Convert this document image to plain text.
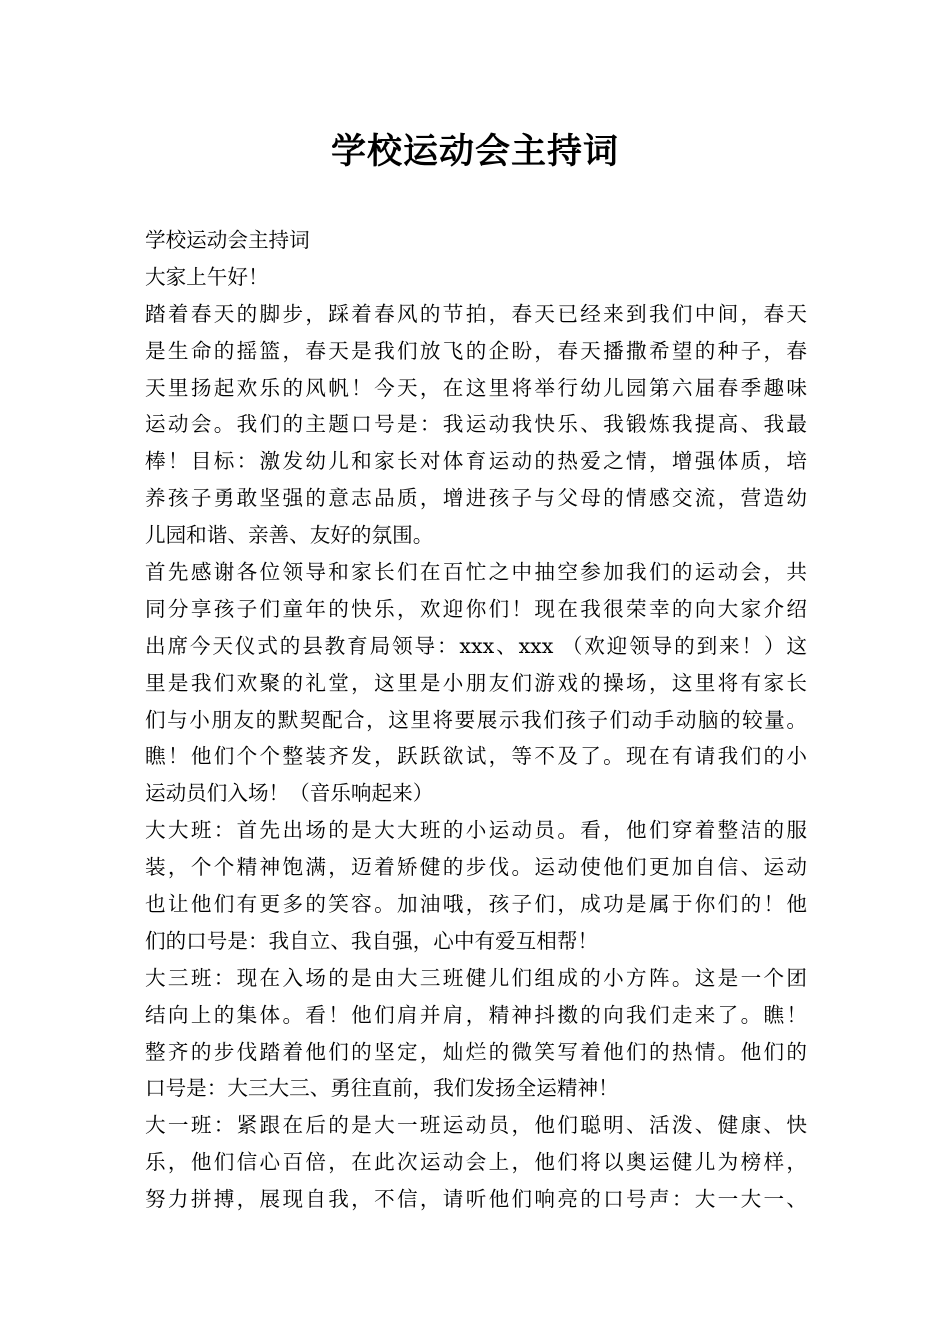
学校运动会主持词
学校运动会主持词
大家上午好！
踏着春天的脚步，踩着春风的节拍，春天已经来到我们中间，春天
是生命的摇篮，春天是我们放飞的企盼，春天播撒希望的种子，春
天里扬起欢乐的风帆！今天，在这里将举行幼儿园第六届春季趣味
运动会。我们的主题口号是：我运动我快乐、我锻炼我提高、我最
棒！目标：激发幼儿和家长对体育运动的热爱之情，增强体质，培
养孩子勇敢坚强的意志品质，增进孩子与父母的情感交流，营造幼
儿园和谐、亲善、友好的氛围。
首先感谢各位领导和家长们在百忙之中抽空参加我们的运动会，共
同分享孩子们童年的快乐，欢迎你们！现在我很荣幸的向大家介绍
出席今天仪式的县教育局领导：xxx、xxx （欢迎领导的到来！）这
里是我们欢聚的礼堂，这里是小朋友们游戏的操场，这里将有家长
们与小朋友的默契配合，这里将要展示我们孩子们动手动脑的较量。
瞧！他们个个整装齐发，跃跃欲试，等不及了。现在有请我们的小
运动员们入场！（音乐响起来）
大大班：首先出场的是大大班的小运动员。看，他们穿着整洁的服
装，个个精神饱满，迈着矫健的步伐。运动使他们更加自信、运动
也让他们有更多的笑容。加油哦，孩子们，成功是属于你们的！他
们的口号是：我自立、我自强，心中有爱互相帮！
大三班：现在入场的是由大三班健儿们组成的小方阵。这是一个团
结向上的集体。看！他们肩并肩，精神抖擞的向我们走来了。瞧！
整齐的步伐踏着他们的坚定，灿烂的微笑写着他们的热情。他们的
口号是：大三大三、勇往直前，我们发扬全运精神！
大一班：紧跟在后的是大一班运动员，他们聪明、活泼、健康、快
乐，他们信心百倍，在此次运动会上，他们将以奥运健儿为榜样，
努力拼搏，展现自我，不信，请听他们响亮的口号声：大一大一、
